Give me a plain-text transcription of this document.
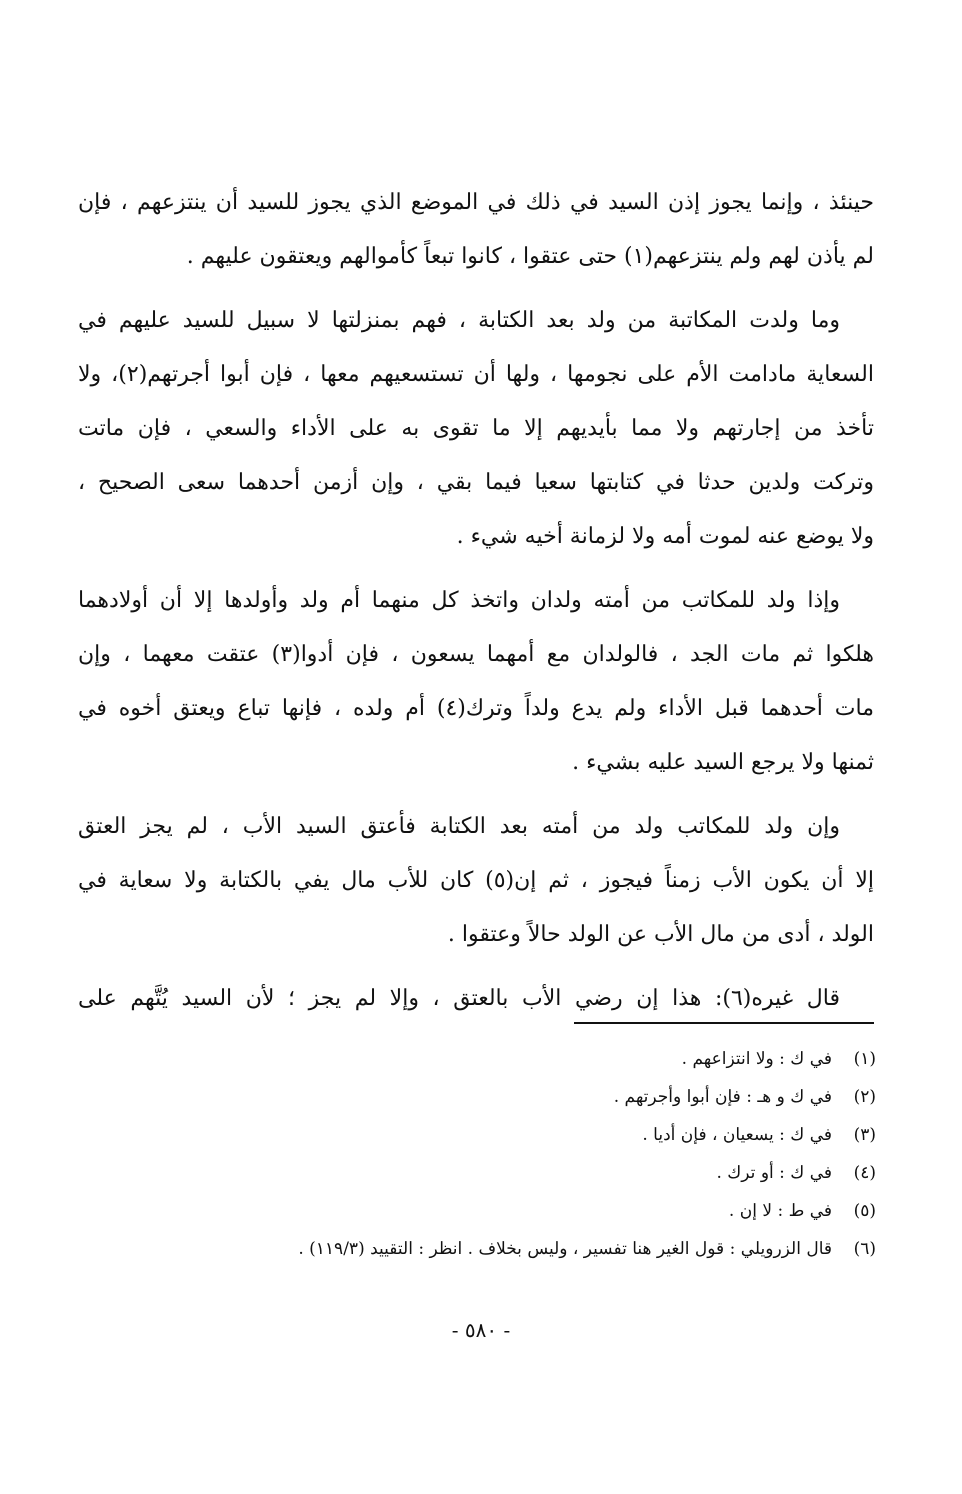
حينئذ ، وإنما يجوز إذن السيد في ذلك في الموضع الذي يجوز للسيد أن ينتزعهم ، فإن
لم يأذن لهم ولم ينتزعهم(١) حتى عتقوا ، كانوا تبعاً كأموالهم ويعتقون عليهم .
وما ولدت المكاتبة من ولد بعد الكتابة ، فهم بمنزلتها لا سبيل للسيد عليهم في
السعاية مادامت الأم على نجومها ، ولها أن تستسعيهم معها ، فإن أبوا أجرتهم(٢)، ولا
تأخذ من إجارتهم ولا مما بأيديهم إلا ما تقوى به على الأداء والسعي ، فإن ماتت
وتركت ولدين حدثا في كتابتها سعيا فيما بقي ، وإن أزمن أحدهما سعى الصحيح ،
ولا يوضع عنه لموت أمه ولا لزمانة أخيه شيء .
وإذا ولد للمكاتب من أمته ولدان واتخذ كل منهما أم ولد وأولدها إلا أن أولادهما
هلكوا ثم مات الجد ، فالولدان مع أمهما يسعون ، فإن أدوا(٣) عتقت معهما ، وإن
مات أحدهما قبل الأداء ولم يدع ولداً وترك(٤) أم ولده ، فإنها تباع ويعتق أخوه في
ثمنها ولا يرجع السيد عليه بشيء .
وإن ولد للمكاتب ولد من أمته بعد الكتابة فأعتق السيد الأب ، لم يجز العتق
إلا أن يكون الأب زمناً فيجوز ، ثم إن(٥) كان للأب مال يفي بالكتابة ولا سعاية في
الولد ، أدى من مال الأب عن الولد حالاً وعتقوا .
قال غيره(٦): هذا إن رضي الأب بالعتق ، وإلا لم يجز ؛ لأن السيد يُتَّهم على
(١)في ك : ولا انتزاعهم .
(٢)في ك و هـ : فإن أبوا وأجرتهم .
(٣)في ك : يسعيان ، فإن أديا .
(٤)في ك : أو ترك .
(٥)في ط : لا إن .
(٦)قال الزرويلي : قول الغير هنا تفسير ، وليس بخلاف . انظر : التقييد (١١٩/٣) .
- ٥٨٠ -
